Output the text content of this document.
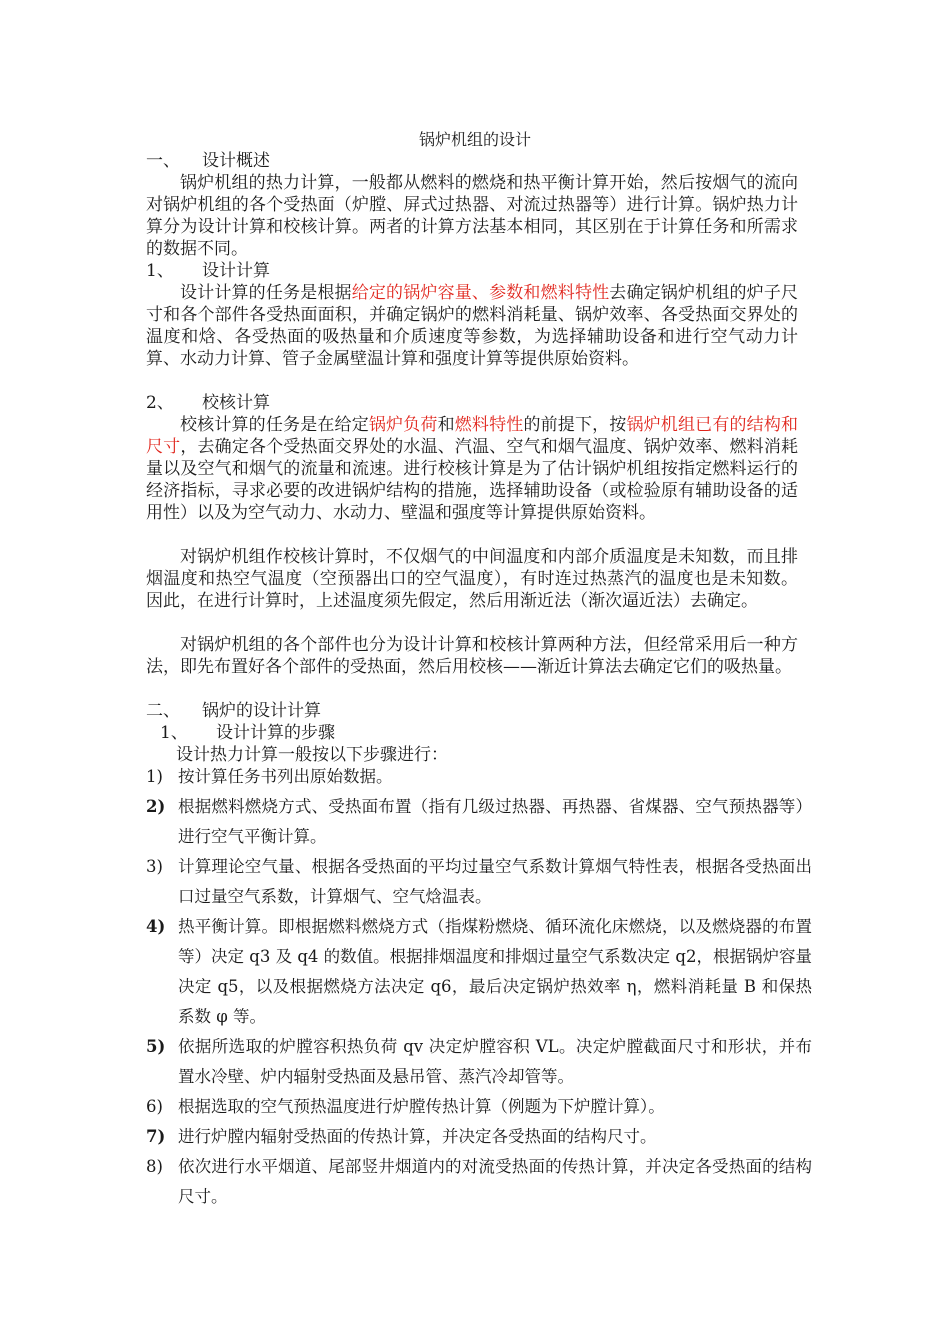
锅炉机组的设计
一、 设计概述
锅炉机组的热力计算，一般都从燃料的燃烧和热平衡计算开始，然后按烟气的流向对锅炉机组的各个受热面（炉膛、屏式过热器、对流过热器等）进行计算。锅炉热力计算分为设计计算和校核计算。两者的计算方法基本相同，其区别在于计算任务和所需求的数据不同。
1、 设计计算
设计计算的任务是根据给定的锅炉容量、参数和燃料特性去确定锅炉机组的炉子尺寸和各个部件各受热面面积，并确定锅炉的燃料消耗量、锅炉效率、各受热面交界处的温度和焓、各受热面的吸热量和介质速度等参数，为选择辅助设备和进行空气动力计算、水动力计算、管子金属壁温计算和强度计算等提供原始资料。
2、 校核计算
校核计算的任务是在给定锅炉负荷和燃料特性的前提下，按锅炉机组已有的结构和尺寸，去确定各个受热面交界处的水温、汽温、空气和烟气温度、锅炉效率、燃料消耗量以及空气和烟气的流量和流速。进行校核计算是为了估计锅炉机组按指定燃料运行的经济指标，寻求必要的改进锅炉结构的措施，选择辅助设备（或检验原有辅助设备的适用性）以及为空气动力、水动力、壁温和强度等计算提供原始资料。
对锅炉机组作校核计算时，不仅烟气的中间温度和内部介质温度是未知数，而且排烟温度和热空气温度（空预器出口的空气温度），有时连过热蒸汽的温度也是未知数。因此，在进行计算时，上述温度须先假定，然后用渐近法（渐次逼近法）去确定。
对锅炉机组的各个部件也分为设计计算和校核计算两种方法，但经常采用后一种方法，即先布置好各个部件的受热面，然后用校核——渐近计算法去确定它们的吸热量。
二、 锅炉的设计计算
1、 设计计算的步骤
设计热力计算一般按以下步骤进行：
1) 按计算任务书列出原始数据。
2) 根据燃料燃烧方式、受热面布置（指有几级过热器、再热器、省煤器、空气预热器等）进行空气平衡计算。
3) 计算理论空气量、根据各受热面的平均过量空气系数计算烟气特性表，根据各受热面出口过量空气系数，计算烟气、空气焓温表。
4) 热平衡计算。即根据燃料燃烧方式（指煤粉燃烧、循环流化床燃烧，以及燃烧器的布置等）决定 q3 及 q4 的数值。根据排烟温度和排烟过量空气系数决定 q2，根据锅炉容量决定 q5，以及根据燃烧方法决定 q6，最后决定锅炉热效率 η，燃料消耗量 B 和保热系数 φ 等。
5) 依据所选取的炉膛容积热负荷 qv 决定炉膛容积 VL。决定炉膛截面尺寸和形状，并布置水冷壁、炉内辐射受热面及悬吊管、蒸汽冷却管等。
6) 根据选取的空气预热温度进行炉膛传热计算（例题为下炉膛计算）。
7) 进行炉膛内辐射受热面的传热计算，并决定各受热面的结构尺寸。
8) 依次进行水平烟道、尾部竖井烟道内的对流受热面的传热计算，并决定各受热面的结构尺寸。
